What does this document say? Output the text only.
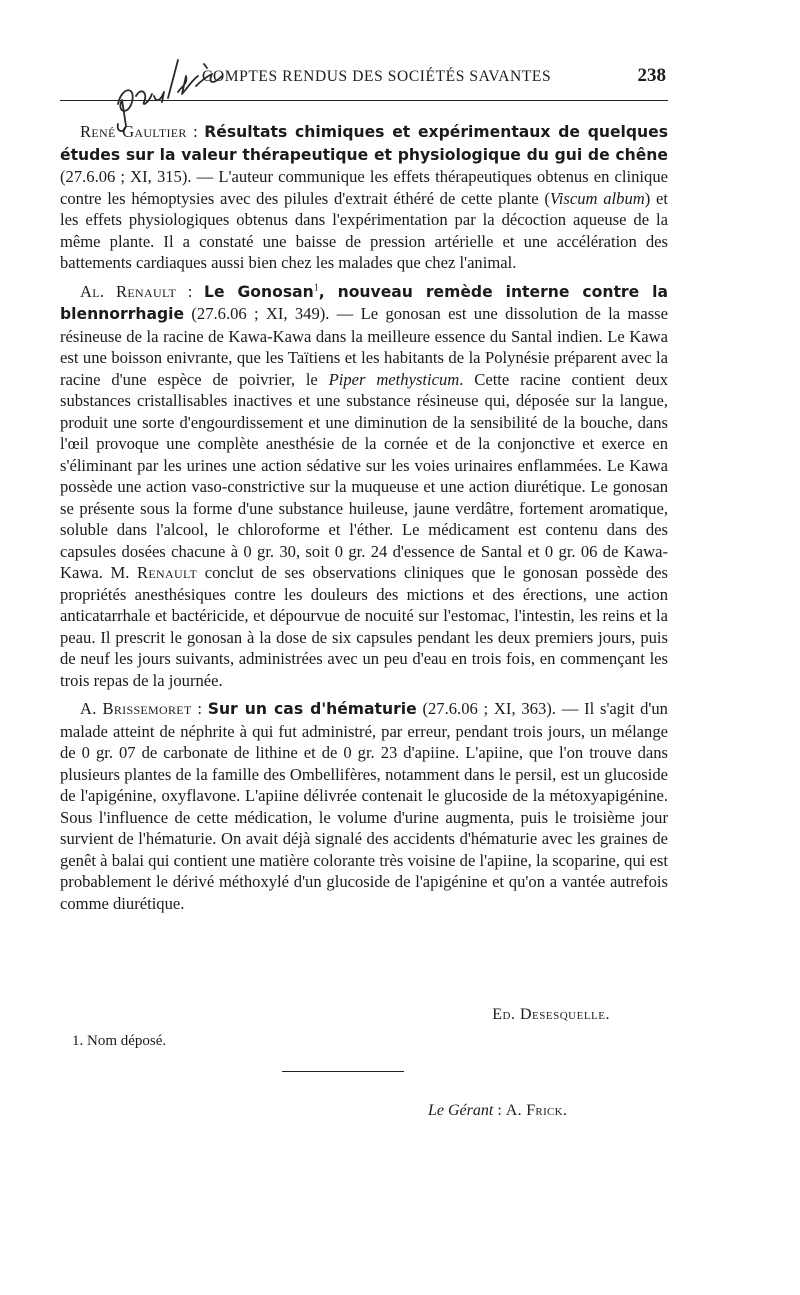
COMPTES RENDUS DES SOCIÉTÉS SAVANTES	238

René Gaultier : Résultats chimiques et expérimentaux de quelques études sur la valeur thérapeutique et physiologique du gui de chêne (27.6.06 ; XI, 315). — L'auteur communique les effets thérapeutiques obtenus en clinique contre les hémoptysies avec des pilules d'extrait éthéré de cette plante (Viscum album) et les effets physiologiques obtenus dans l'expérimentation par la décoction aqueuse de la même plante. Il a constaté une baisse de pression artérielle et une accélération des battements cardiaques aussi bien chez les malades que chez l'animal.

Al. Renault : Le Gonosan$^1$, nouveau remède interne contre la blennorrhagie (27.6.06 ; XI, 349). — Le gonosan est une dissolution de la masse résineuse de la racine de Kawa-Kawa dans la meilleure essence du Santal indien. Le Kawa est une boisson enivrante, que les Taïtiens et les habitants de la Polynésie préparent avec la racine d'une espèce de poivrier, le Piper methysticum. Cette racine contient deux substances cristallisables inactives et une substance résineuse qui, déposée sur la langue, produit une sorte d'engourdissement et une diminution de la sensibilité de la bouche, dans l'œil provoque une complète anesthésie de la cornée et de la conjonctive et exerce en s'éliminant par les urines une action sédative sur les voies urinaires enflammées. Le Kawa possède une action vaso-constrictive sur la muqueuse et une action diurétique. Le gonosan se présente sous la forme d'une substance huileuse, jaune verdâtre, fortement aromatique, soluble dans l'alcool, le chloroforme et l'éther. Le médicament est contenu dans des capsules dosées chacune à 0 gr. 30, soit 0 gr. 24 d'essence de Santal et 0 gr. 06 de Kawa-Kawa. M. Renault conclut de ses observations cliniques que le gonosan possède des propriétés anesthésiques contre les douleurs des mictions et des érections, une action anticatarrhale et bactéricide, et dépourvue de nocuité sur l'estomac, l'intestin, les reins et la peau. Il prescrit le gonosan à la dose de six capsules pendant les deux premiers jours, puis de neuf les jours suivants, administrées avec un peu d'eau en trois fois, en commençant les trois repas de la journée.

A. Brissemoret : Sur un cas d'hématurie (27.6.06 ; XI, 363). — Il s'agit d'un malade atteint de néphrite à qui fut administré, par erreur, pendant trois jours, un mélange de 0 gr. 07 de carbonate de lithine et de 0 gr. 23 d'apiine. L'apiine, que l'on trouve dans plusieurs plantes de la famille des Ombellifères, notamment dans le persil, est un glucoside de l'apigénine, oxyflavone. L'apiine délivrée contenait le glucoside de la métoxyapigénine. Sous l'influence de cette médication, le volume d'urine augmenta, puis le troisième jour survient de l'hématurie. On avait déjà signalé des accidents d'hématurie avec les graines de genêt à balai qui contient une matière colorante très voisine de l'apiine, la scoparine, qui est probablement le dérivé méthoxylé d'un glucoside de l'apigénine et qu'on a vantée autrefois comme diurétique.

Ed. Desesquelle.
1. Nom déposé.
Le Gérant : A. Frick.
